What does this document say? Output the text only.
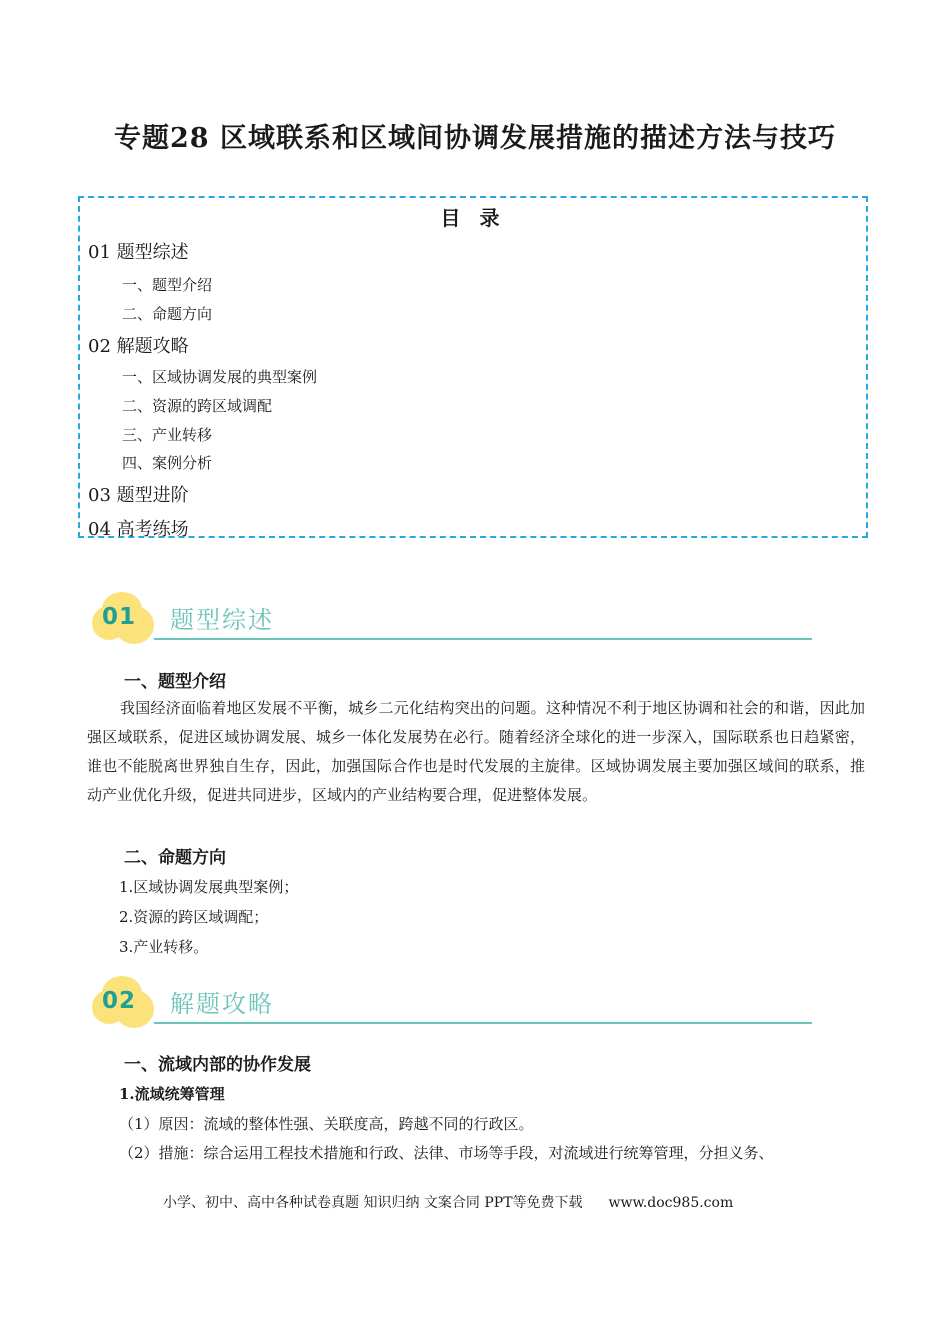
专题28 区域联系和区域间协调发展措施的描述方法与技巧
目 录
01 题型综述
一、题型介绍
二、命题方向
02 解题攻略
一、区域协调发展的典型案例
二、资源的跨区域调配
三、产业转移
四、案例分析
03 题型进阶
04 高考练场
01 题型综述
一、题型介绍
我国经济面临着地区发展不平衡，城乡二元化结构突出的问题。这种情况不利于地区协调和社会的和谐，因此加强区域联系，促进区域协调发展、城乡一体化发展势在必行。随着经济全球化的进一步深入，国际联系也日趋紧密，谁也不能脱离世界独自生存，因此，加强国际合作也是时代发展的主旋律。区域协调发展主要加强区域间的联系，推动产业优化升级，促进共同进步，区域内的产业结构要合理，促进整体发展。
二、命题方向
1.区域协调发展典型案例；
2.资源的跨区域调配；
3.产业转移。
02 解题攻略
一、流域内部的协作发展
1.流域统筹管理
（1）原因：流域的整体性强、关联度高，跨越不同的行政区。
（2）措施：综合运用工程技术措施和行政、法律、市场等手段，对流域进行统筹管理，分担义务、
小学、初中、高中各种试卷真题 知识归纳 文案合同 PPT等免费下载 www.doc985.com
